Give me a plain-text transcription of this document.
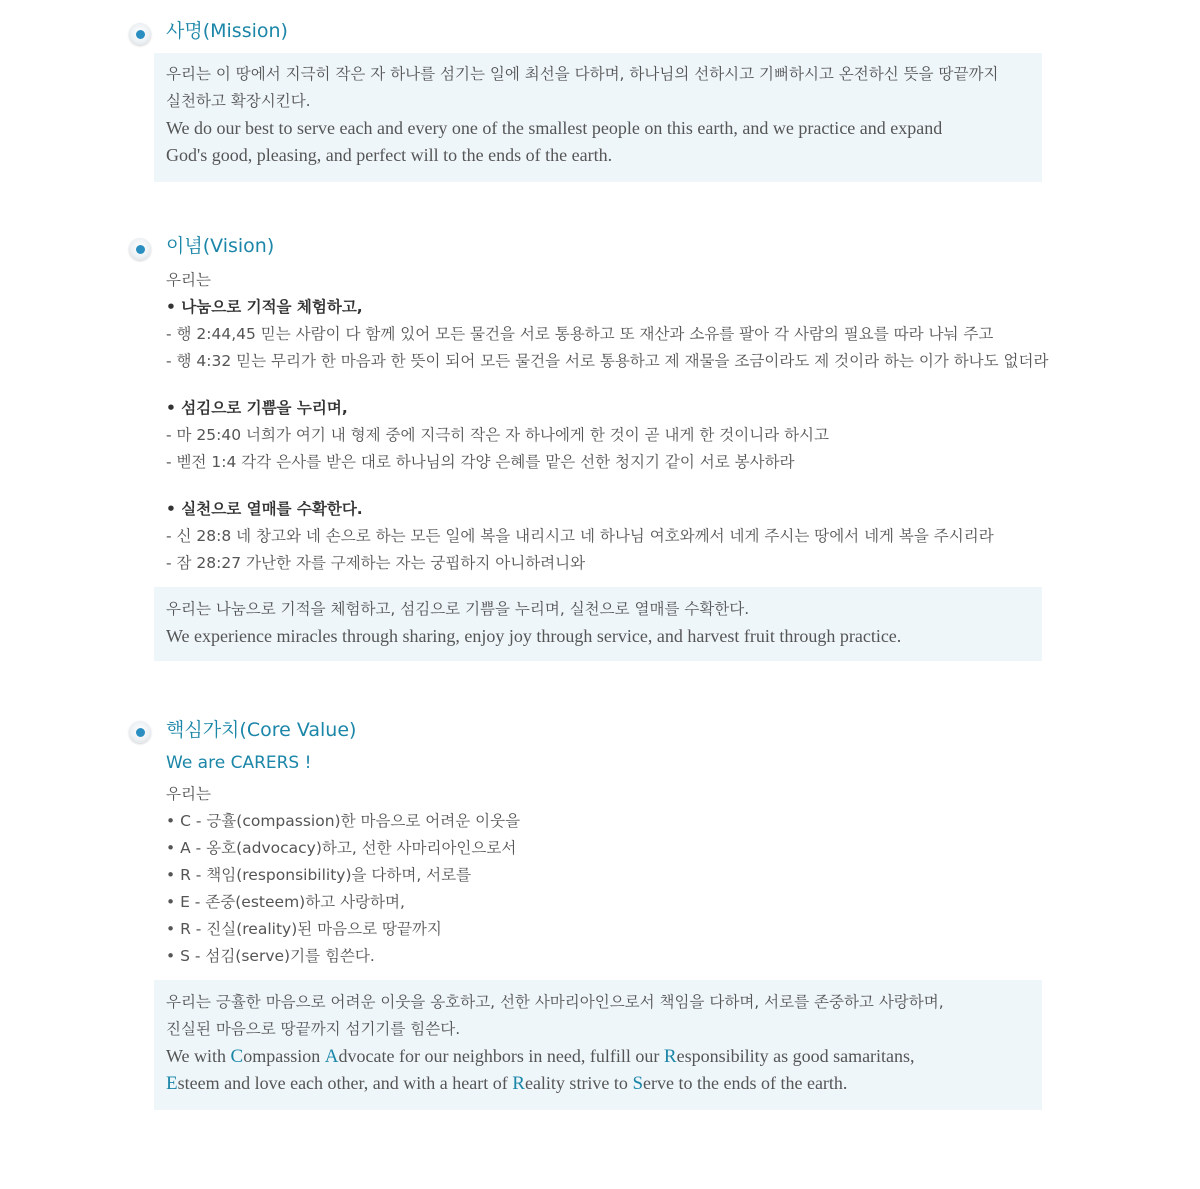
사명(Mission)
우리는 이 땅에서 지극히 작은 자 하나를 섬기는 일에 최선을 다하며, 하나님의 선하시고 기뻐하시고 온전하신 뜻을 땅끝까지
실천하고 확장시킨다.
We do our best to serve each and every one of the smallest people on this earth, and we practice and expand
God's good, pleasing, and perfect will to the ends of the earth.
이념(Vision)
우리는
• 나눔으로 기적을 체험하고,
- 행 2:44,45 믿는 사람이 다 함께 있어 모든 물건을 서로 통용하고 또 재산과 소유를 팔아 각 사람의 필요를 따라 나눠 주고
- 행 4:32 믿는 무리가 한 마음과 한 뜻이 되어 모든 물건을 서로 통용하고 제 재물을 조금이라도 제 것이라 하는 이가 하나도 없더라
• 섬김으로 기쁨을 누리며,
- 마 25:40 너희가 여기 내 형제 중에 지극히 작은 자 하나에게 한 것이 곧 내게 한 것이니라 하시고
- 벧전 1:4 각각 은사를 받은 대로 하나님의 각양 은혜를 맡은 선한 청지기 같이 서로 봉사하라
• 실천으로 열매를 수확한다.
- 신 28:8 네 창고와 네 손으로 하는 모든 일에 복을 내리시고 네 하나님 여호와께서 네게 주시는 땅에서 네게 복을 주시리라
- 잠 28:27 가난한 자를 구제하는 자는 궁핍하지 아니하려니와
우리는 나눔으로 기적을 체험하고, 섬김으로 기쁨을 누리며, 실천으로 열매를 수확한다.
We experience miracles through sharing, enjoy joy through service, and harvest fruit through practice.
핵심가치(Core Value)
We are CARERS !
우리는
• C - 긍휼(compassion)한 마음으로 어려운 이웃을
• A - 옹호(advocacy)하고, 선한 사마리아인으로서
• R - 책임(responsibility)을 다하며, 서로를
• E - 존중(esteem)하고 사랑하며,
• R - 진실(reality)된 마음으로 땅끝까지
• S - 섬김(serve)기를 힘쓴다.
우리는 긍휼한 마음으로 어려운 이웃을 옹호하고, 선한 사마리아인으로서 책임을 다하며, 서로를 존중하고 사랑하며,
진실된 마음으로 땅끝까지 섬기기를 힘쓴다.
We with Compassion Advocate for our neighbors in need, fulfill our Responsibility as good samaritans,
Esteem and love each other, and with a heart of Reality strive to Serve to the ends of the earth.
